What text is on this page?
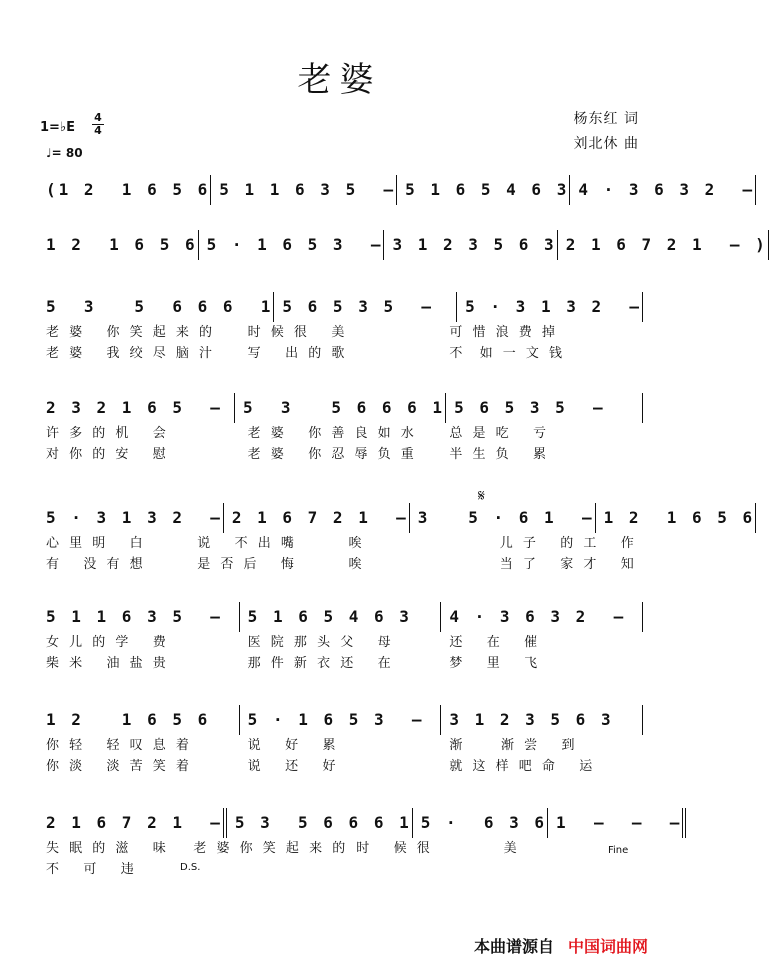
老婆
杨东红 词
刘北休 曲
1=♭E
4
4
♩= 80
(1 2  1 6 5 6 5 1 1 6 3 5  – 5 1 6 5 4 6 3 4 · 3 6 3 2  –
1 2  1 6 5 6 5 · 1 6 5 3  – 3 1 2 3 5 6 3 2 1 6 7 2 1  – )
5  3   5  6 6 6  1 5 6 5 3 5  –	5 · 3 1 3 2  –
老 婆   你 笑 起 来 的	时 候 很   美	可 惜 浪 费 掉
老 婆   我 绞 尽 脑 汁	写   出 的 歌	不  如 一 文 钱
2 3 2 1 6 5  –	5  3   5 6 6 6 1 5 6 5 3 5  –
许 多 的 机   会	老 婆   你 善 良 如 水	总 是 吃   亏
对 你 的 安   慰	老 婆   你 忍 辱 负 重	半 生 负   累
𝄋
5 · 3 1 3 2  – 2 1 6 7 2 1  – 3   5 · 6 1  – 1 2  1 6 5 6
心 里 明   白	说   不 出 嘴	唉	儿 子   的 工   作
有   没 有 想	是 否 后   悔	唉	当 了   家 才   知
5 1 1 6 3 5  –	5 1 6 5 4 6 3	4 · 3 6 3 2  –
女 儿 的 学   费	医 院 那 头 父   母	还   在   催
柴 米   油 盐 贵	那 件 新 衣 还   在	梦   里   飞
1 2   1 6 5 6	5 · 1 6 5 3  –	3 1 2 3 5 6 3
你 轻   轻 叹 息 着	说   好   累	渐     渐 尝   到
你 淡   淡 苦 笑 着	说   还   好	就 这 样 吧 命   运
2 1 6 7 2 1  – 5 3  5 6 6 6 1 5 ·  6 3 6 1  –  –  –
失 眠 的 滋   味	老 婆 你 笑 起 来 的 时   候 很	美
不   可   违
Fine
D.S.
本曲谱源自 中国词曲网
